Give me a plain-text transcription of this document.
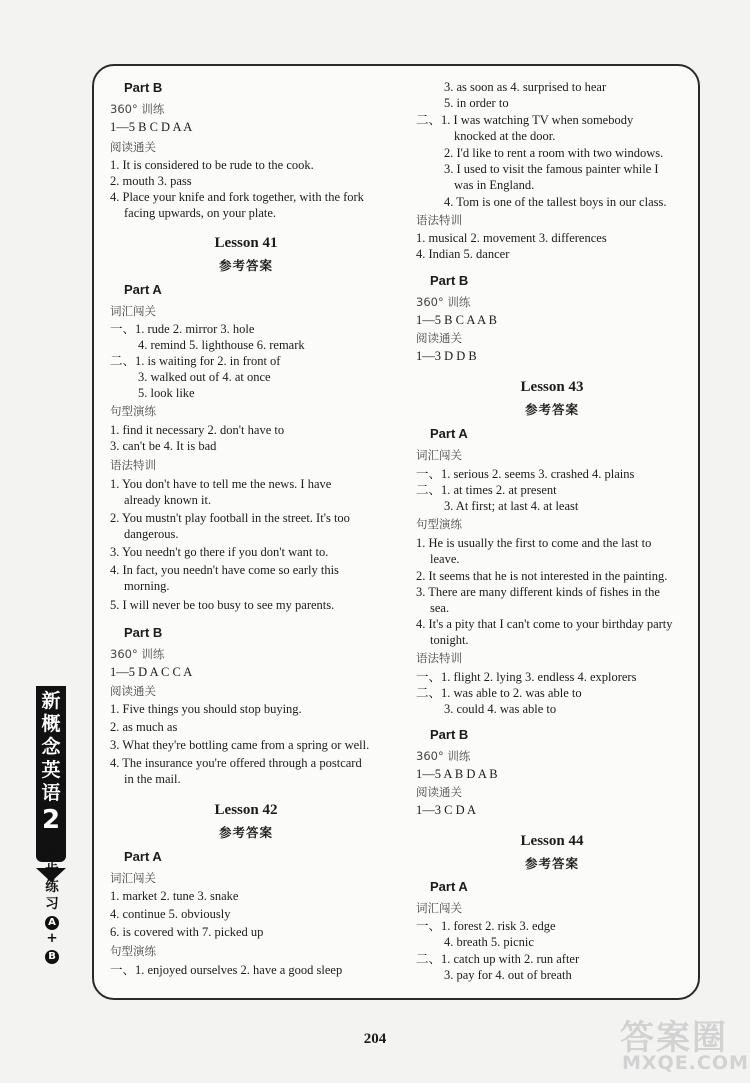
Part B
360° 训练
1—5 B C D A A
阅读通关
1. It is considered to be rude to the cook.
2. mouth 3. pass
4. Place your knife and fork together, with the fork
facing upwards, on your plate.
Lesson 41
参考答案
Part A
词汇闯关
一、1. rude 2. mirror 3. hole
4. remind 5. lighthouse 6. remark
二、1. is waiting for 2. in front of
3. walked out of 4. at once
5. look like
句型演练
1. find it necessary 2. don't have to
3. can't be 4. It is bad
语法特训
1. You don't have to tell me the news. I have
already known it.
2. You mustn't play football in the street. It's too
dangerous.
3. You needn't go there if you don't want to.
4. In fact, you needn't have come so early this
morning.
5. I will never be too busy to see my parents.
Part B
360° 训练
1—5 D A C C A
阅读通关
1. Five things you should stop buying.
2. as much as
3. What they're bottling came from a spring or well.
4. The insurance you're offered through a postcard
in the mail.
Lesson 42
参考答案
Part A
词汇闯关
1. market 2. tune 3. snake
4. continue 5. obviously
6. is covered with 7. picked up
句型演练
一、1. enjoyed ourselves 2. have a good sleep
3. as soon as 4. surprised to hear
5. in order to
二、1. I was watching TV when somebody
knocked at the door.
2. I'd like to rent a room with two windows.
3. I used to visit the famous painter while I
was in England.
4. Tom is one of the tallest boys in our class.
语法特训
1. musical 2. movement 3. differences
4. Indian 5. dancer
Part B
360° 训练
1—5 B C A A B
阅读通关
1—3 D D B
Lesson 43
参考答案
Part A
词汇闯关
一、1. serious 2. seems 3. crashed 4. plains
二、1. at times 2. at present
3. At first; at last 4. at least
句型演练
1. He is usually the first to come and the last to
leave.
2. It seems that he is not interested in the painting.
3. There are many different kinds of fishes in the
sea.
4. It's a pity that I can't come to your birthday party
tonight.
语法特训
一、1. flight 2. lying 3. endless 4. explorers
二、1. was able to 2. was able to
3. could 4. was able to
Part B
360° 训练
1—5 A B D A B
阅读通关
1—3 C D A
Lesson 44
参考答案
Part A
词汇闯关
一、1. forest 2. risk 3. edge
4. breath 5. picnic
二、1. catch up with 2. run after
3. pay for 4. out of breath
新
概
念
英
语
2
同
步
练
习
A
+
B
204	答案圈
MXQE.COM
